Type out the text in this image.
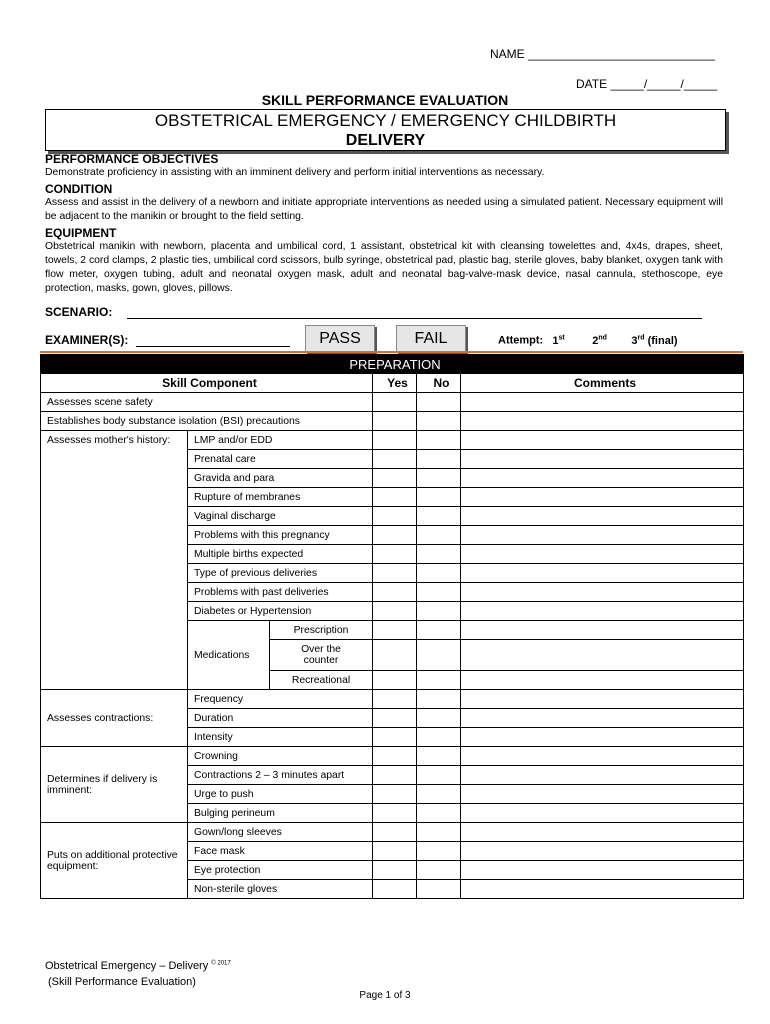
NAME ____________________________
DATE _____/_____/_____
SKILL PERFORMANCE EVALUATION
OBSTETRICAL EMERGENCY / EMERGENCY CHILDBIRTH
DELIVERY
PERFORMANCE OBJECTIVES
Demonstrate proficiency in assisting with an imminent delivery and perform initial interventions as necessary.
CONDITION
Assess and assist in the delivery of a newborn and initiate appropriate interventions as needed using a simulated patient. Necessary equipment will be adjacent to the manikin or brought to the field setting.
EQUIPMENT
Obstetrical manikin with newborn, placenta and umbilical cord, 1 assistant, obstetrical kit with cleansing towelettes and, 4x4s, drapes, sheet, towels, 2 cord clamps, 2 plastic ties, umbilical cord scissors, bulb syringe, obstetrical pad, plastic bag, sterile gloves, baby blanket, oxygen tank with flow meter, oxygen tubing, adult and neonatal oxygen mask, adult and neonatal bag-valve-mask device, nasal cannula, stethoscope, eye protection, masks, gown, gloves, pillows.
SCENARIO:
EXAMINER(S):	PASS	FAIL	Attempt: 1st	2nd 3rd (final)
PREPARATION					
Skill Component			Yes	No	Comments
Assesses scene safety					
Establishes body substance isolation (BSI) precautions					
Assesses mother's history:	LMP and/or EDD				
	Prenatal care				
	Gravida and para				
	Rupture of membranes				
	Vaginal discharge				
	Problems with this pregnancy				
	Multiple births expected				
	Type of previous deliveries				
	Problems with past deliveries				
	Diabetes or Hypertension				
	Medications	Prescription			
		Over the counter			
		Recreational			
Assesses contractions:	Frequency				
	Duration				
	Intensity				
Determines if delivery is imminent:	Crowning				
	Contractions 2 – 3 minutes apart				
	Urge to push				
	Bulging perineum				
Puts on additional protective equipment:	Gown/long sleeves				
	Face mask				
	Eye protection				
	Non-sterile gloves				
Obstetrical Emergency – Delivery $^{© 2017}$
(Skill Performance Evaluation)
Page 1 of 3
